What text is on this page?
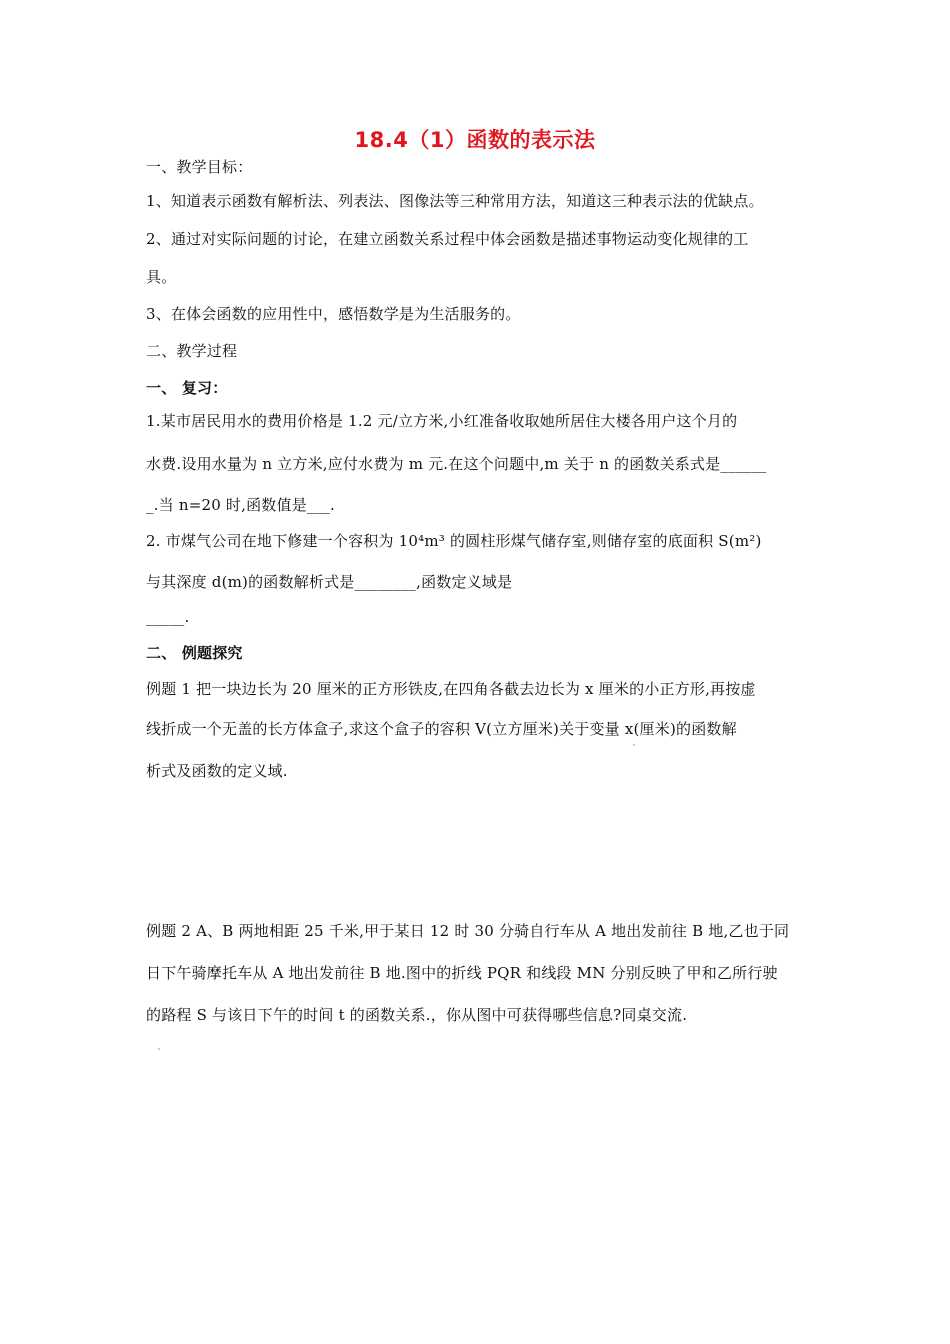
18.4（1）函数的表示法
一、教学目标：
1、知道表示函数有解析法、列表法、图像法等三种常用方法，知道这三种表示法的优缺点。
2、通过对实际问题的讨论，在建立函数关系过程中体会函数是描述事物运动变化规律的工
具。
3、在体会函数的应用性中，感悟数学是为生活服务的。
二、教学过程
一、 复习：
1.某市居民用水的费用价格是 1.2 元/立方米,小红准备收取她所居住大楼各用户这个月的
水费.设用水量为 n 立方米,应付水费为 m 元.在这个问题中,m 关于 n 的函数关系式是______
_.当 n=20 时,函数值是___.
2. 市煤气公司在地下修建一个容积为 10⁴m³ 的圆柱形煤气储存室,则储存室的底面积 S(m²)
与其深度 d(m)的函数解析式是________,函数定义域是
_____.
二、 例题探究
例题 1 把一块边长为 20 厘米的正方形铁皮,在四角各截去边长为 x 厘米的小正方形,再按虚
线折成一个无盖的长方体盒子,求这个盒子的容积 V(立方厘米)关于变量 x(厘米)的函数解
析式及函数的定义域.
例题 2 A、B 两地相距 25 千米,甲于某日 12 时 30 分骑自行车从 A 地出发前往 B 地,乙也于同
日下午骑摩托车从 A 地出发前往 B 地.图中的折线 PQR 和线段 MN 分别反映了甲和乙所行驶
的路程 S 与该日下午的时间 t 的函数关系.，你从图中可获得哪些信息?同桌交流.
